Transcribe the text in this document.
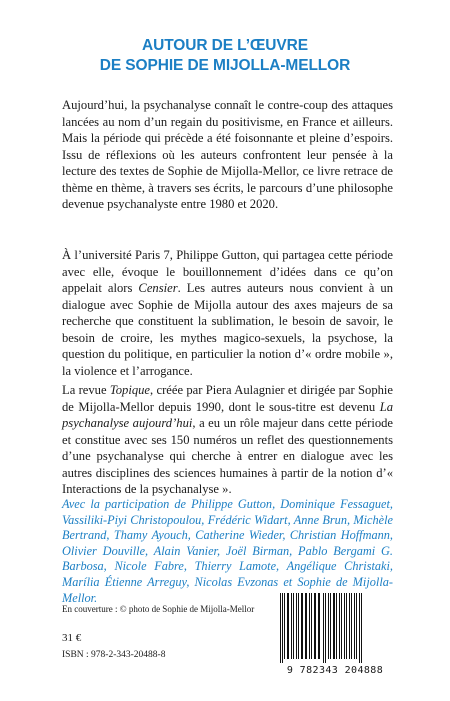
AUTOUR DE L’ŒUVRE
DE SOPHIE DE MIJOLLA-MELLOR

Aujourd’hui, la psychanalyse connaît le contre-coup des attaques lancées au nom d’un regain du positivisme, en France et ailleurs. Mais la période qui précède a été foisonnante et pleine d’espoirs. Issu de réflexions où les auteurs confrontent leur pensée à la lecture des textes de Sophie de Mijolla-Mellor, ce livre retrace de thème en thème, à travers ses écrits, le parcours d’une philosophe devenue psychanalyste entre 1980 et 2020.

À l’université Paris 7, Philippe Gutton, qui partagea cette période avec elle, évoque le bouillonnement d’idées dans ce qu’on appelait alors Censier. Les autres auteurs nous convient à un dialogue avec Sophie de Mijolla autour des axes majeurs de sa recherche que constituent la sublimation, le besoin de savoir, le besoin de croire, les mythes magico-sexuels, la psychose, la question du politique, en particulier la notion d’« ordre mobile », la violence et l’arrogance.

La revue Topique, créée par Piera Aulagnier et dirigée par Sophie de Mijolla-Mellor depuis 1990, dont le sous-titre est devenu La psychanalyse aujourd’hui, a eu un rôle majeur dans cette période et constitue avec ses 150 numéros un reflet des questionnements d’une psychanalyse qui cherche à entrer en dialogue avec les autres disciplines des sciences humaines à partir de la notion d’« Interactions de la psychanalyse ».

Avec la participation de Philippe Gutton, Dominique Fessaguet, Vassiliki-Piyi Christopoulou, Frédéric Widart, Anne Brun, Michèle Bertrand, Thamy Ayouch, Catherine Wieder, Christian Hoffmann, Olivier Douville, Alain Vanier, Joël Birman, Pablo Bergami G. Barbosa, Nicole Fabre, Thierry Lamote, Angélique Christaki, Marília Étienne Arreguy, Nicolas Evzonas et Sophie de Mijolla-Mellor.

En couverture : © photo de Sophie de Mijolla-Mellor
31 €
ISBN : 978-2-343-20488-8
9 782343 204888
